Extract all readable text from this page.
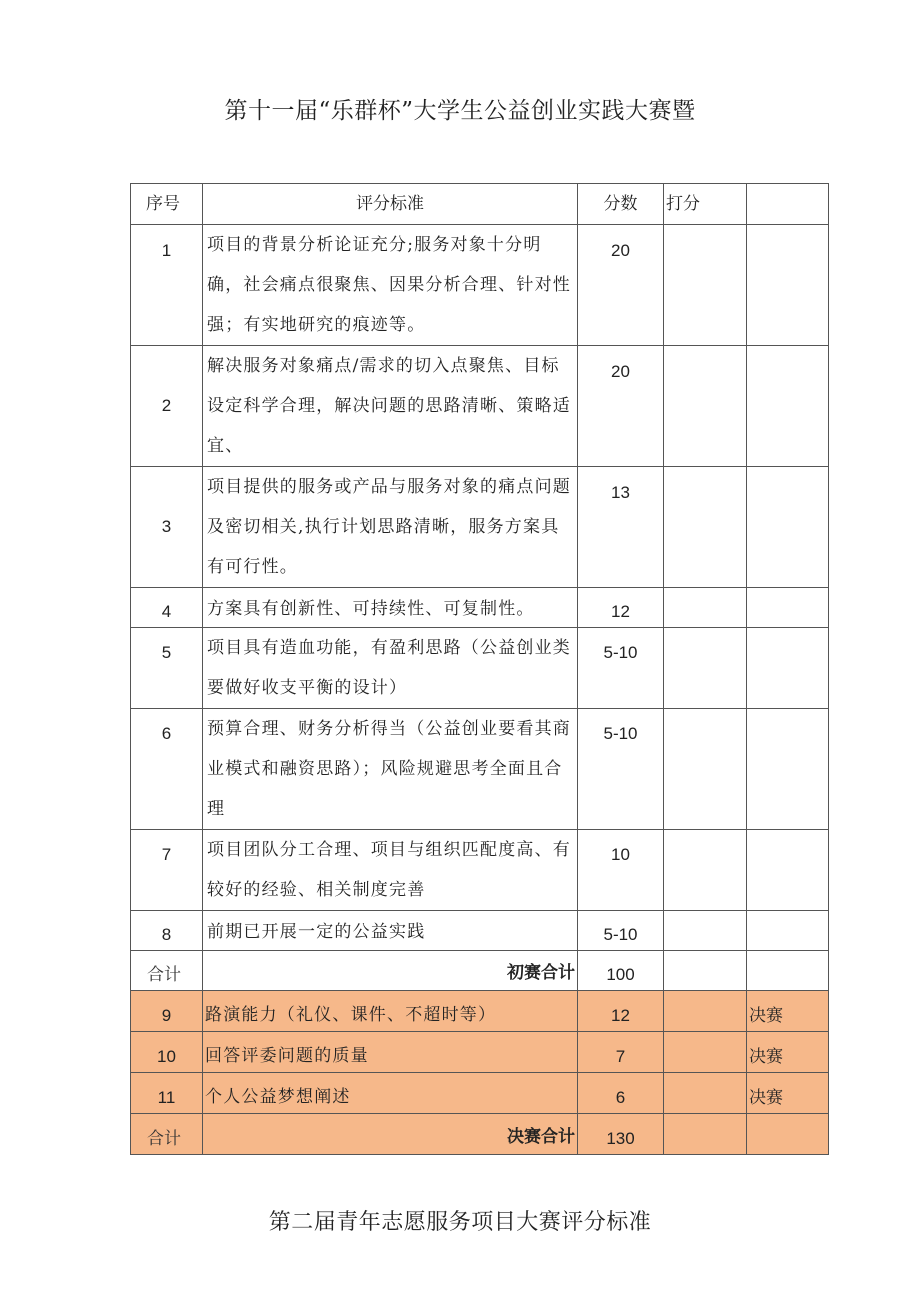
第十一届“乐群杯”大学生公益创业实践大赛暨
序号	评分标准	分数	打分	
1	项目的背景分析论证充分;服务对象十分明确，社会痛点很聚焦、因果分析合理、针对性强；有实地研究的痕迹等。	20		
2	解决服务对象痛点/需求的切入点聚焦、目标设定科学合理，解决问题的思路清晰、策略适宜、	20		
3	项目提供的服务或产品与服务对象的痛点问题及密切相关,执行计划思路清晰，服务方案具有可行性。	13		
4	方案具有创新性、可持续性、可复制性。	12		
5	项目具有造血功能，有盈利思路（公益创业类要做好收支平衡的设计）	5-10		
6	预算合理、财务分析得当（公益创业要看其商业模式和融资思路）；风险规避思考全面且合理	5-10		
7	项目团队分工合理、项目与组织匹配度高、有较好的经验、相关制度完善	10		
8	前期已开展一定的公益实践	5-10		
合计	初赛合计	100		
9	路演能力（礼仪、课件、不超时等）	12		决赛
10	回答评委问题的质量	7		决赛
11	个人公益梦想阐述	6		决赛
合计	决赛合计	130		
第二届青年志愿服务项目大赛评分标准
